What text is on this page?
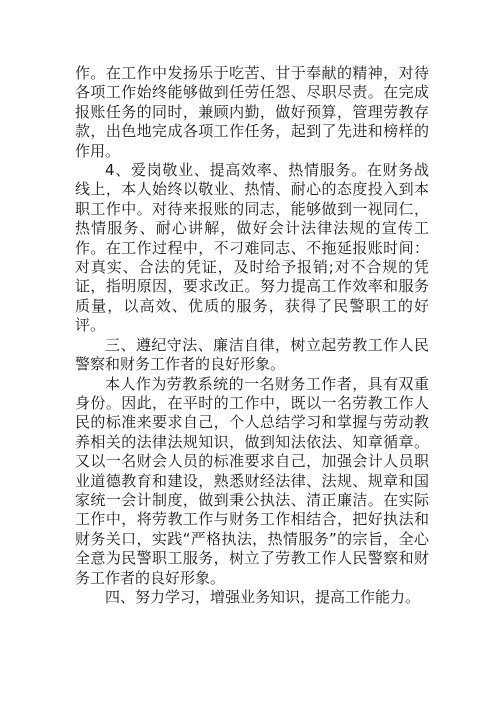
作。在工作中发扬乐于吃苦、甘于奉献的精神，对待各项工作始终能够做到任劳任怨、尽职尽责。在完成报账任务的同时，兼顾内勤，做好预算，管理劳教存款，出色地完成各项工作任务，起到了先进和榜样的作用。

4、爱岗敬业、提高效率、热情服务。在财务战线上，本人始终以敬业、热情、耐心的态度投入到本职工作中。对待来报账的同志，能够做到一视同仁，热情服务、耐心讲解，做好会计法律法规的宣传工作。在工作过程中，不刁难同志、不拖延报账时间：对真实、合法的凭证，及时给予报销;对不合规的凭证，指明原因，要求改正。努力提高工作效率和服务质量，以高效、优质的服务，获得了民警职工的好评。

三、遵纪守法、廉洁自律，树立起劳教工作人民警察和财务工作者的良好形象。

本人作为劳教系统的一名财务工作者，具有双重身份。因此，在平时的工作中，既以一名劳教工作人民的标准来要求自己，个人总结学习和掌握与劳动教养相关的法律法规知识，做到知法依法、知章循章。又以一名财会人员的标准要求自己，加强会计人员职业道德教育和建设，熟悉财经法律、法规、规章和国家统一会计制度，做到秉公执法、清正廉洁。在实际工作中，将劳教工作与财务工作相结合，把好执法和财务关口，实践“严格执法，热情服务”的宗旨，全心全意为民警职工服务，树立了劳教工作人民警察和财务工作者的良好形象。

四、努力学习，增强业务知识，提高工作能力。
